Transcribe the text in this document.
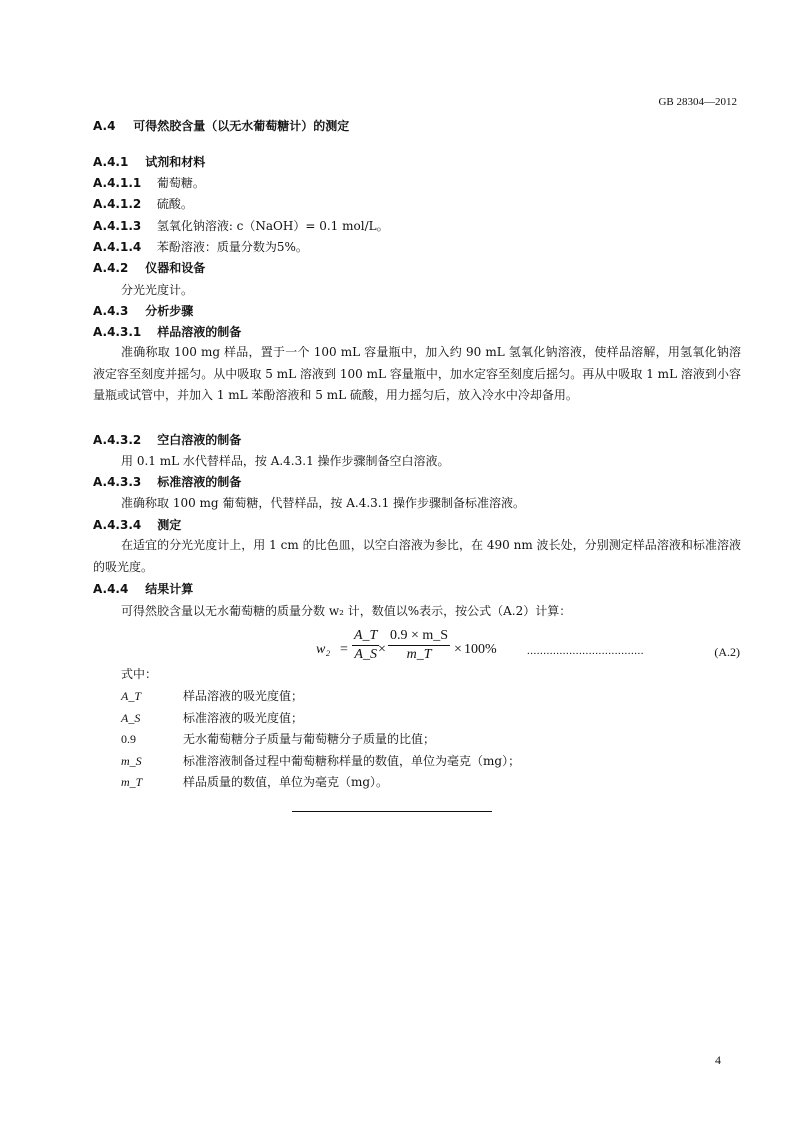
GB 28304—2012
A.4 可得然胶含量（以无水葡萄糖计）的测定
A.4.1 试剂和材料
A.4.1.1 葡萄糖。
A.4.1.2 硫酸。
A.4.1.3 氢氧化钠溶液: c（NaOH）= 0.1 mol/L。
A.4.1.4 苯酚溶液：质量分数为5%。
A.4.2 仪器和设备
分光光度计。
A.4.3 分析步骤
A.4.3.1 样品溶液的制备
准确称取 100 mg 样品，置于一个 100 mL 容量瓶中，加入约 90 mL 氢氧化钠溶液，使样品溶解，用氢氧化钠溶液定容至刻度并摇匀。从中吸取 5 mL 溶液到 100 mL 容量瓶中，加水定容至刻度后摇匀。再从中吸取 1 mL 溶液到小容量瓶或试管中，并加入 1 mL 苯酚溶液和 5 mL 硫酸，用力摇匀后，放入冷水中冷却备用。
A.4.3.2 空白溶液的制备
用 0.1 mL 水代替样品，按 A.4.3.1 操作步骤制备空白溶液。
A.4.3.3 标准溶液的制备
准确称取 100 mg 葡萄糖，代替样品，按 A.4.3.1 操作步骤制备标准溶液。
A.4.3.4 测定
在适宜的分光光度计上，用 1 cm 的比色皿，以空白溶液为参比，在 490 nm 波长处，分别测定样品溶液和标准溶液的吸光度。
A.4.4 结果计算
可得然胶含量以无水葡萄糖的质量分数 w₂ 计，数值以%表示，按公式（A.2）计算：
$w_2 = \frac{A\_T}{A\_S}$
× $\frac{0.9 \times m\_S}{m\_T} \times 100\%$	....................................	(A.2)
式中：
A_T	样品溶液的吸光度值；
A_S	标准溶液的吸光度值；
0.9	无水葡萄糖分子质量与葡萄糖分子质量的比值；
m_S	标准溶液制备过程中葡萄糖称样量的数值，单位为毫克（mg）；
m_T	样品质量的数值，单位为毫克（mg）。
4
